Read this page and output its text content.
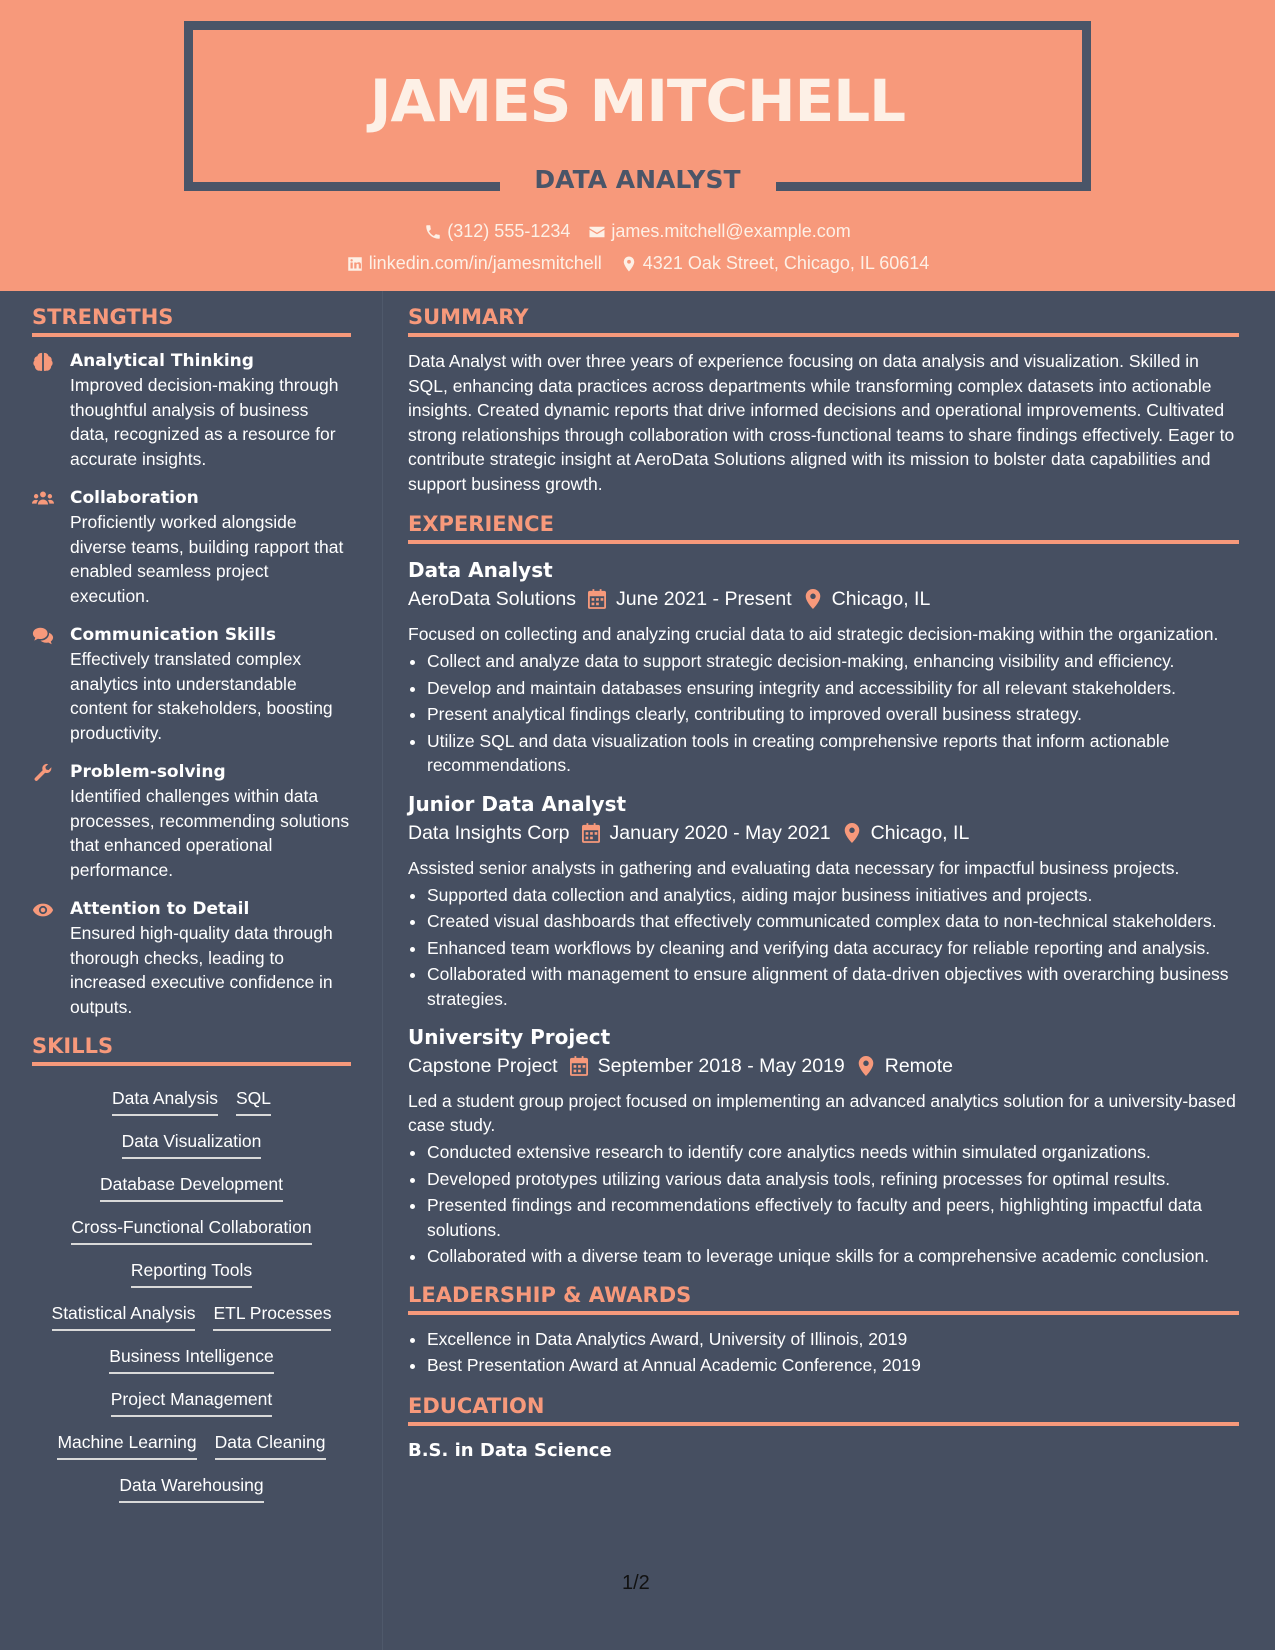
JAMES MITCHELL
DATA ANALYST
(312) 555-1234 james.mitchell@example.com
linkedin.com/in/jamesmitchell 4321 Oak Street, Chicago, IL 60614
STRENGTHS
Analytical Thinking
Improved decision-making through thoughtful analysis of business data, recognized as a resource for accurate insights.
Collaboration
Proficiently worked alongside diverse teams, building rapport that enabled seamless project execution.
Communication Skills
Effectively translated complex analytics into understandable content for stakeholders, boosting productivity.
Problem-solving
Identified challenges within data processes, recommending solutions that enhanced operational performance.
Attention to Detail
Ensured high-quality data through thorough checks, leading to increased executive confidence in outputs.
SKILLS
Data Analysis SQL
Data Visualization
Database Development
Cross-Functional Collaboration
Reporting Tools
Statistical Analysis ETL Processes
Business Intelligence
Project Management
Machine Learning Data Cleaning
Data Warehousing
SUMMARY
Data Analyst with over three years of experience focusing on data analysis and visualization. Skilled in SQL, enhancing data practices across departments while transforming complex datasets into actionable insights. Created dynamic reports that drive informed decisions and operational improvements. Cultivated strong relationships through collaboration with cross-functional teams to share findings effectively. Eager to contribute strategic insight at AeroData Solutions aligned with its mission to bolster data capabilities and support business growth.
EXPERIENCE
Data Analyst
AeroData Solutions June 2021 - Present Chicago, IL
Focused on collecting and analyzing crucial data to aid strategic decision-making within the organization.
• Collect and analyze data to support strategic decision-making, enhancing visibility and efficiency.
• Develop and maintain databases ensuring integrity and accessibility for all relevant stakeholders.
• Present analytical findings clearly, contributing to improved overall business strategy.
• Utilize SQL and data visualization tools in creating comprehensive reports that inform actionable recommendations.
Junior Data Analyst
Data Insights Corp January 2020 - May 2021 Chicago, IL
Assisted senior analysts in gathering and evaluating data necessary for impactful business projects.
• Supported data collection and analytics, aiding major business initiatives and projects.
• Created visual dashboards that effectively communicated complex data to non-technical stakeholders.
• Enhanced team workflows by cleaning and verifying data accuracy for reliable reporting and analysis.
• Collaborated with management to ensure alignment of data-driven objectives with overarching business strategies.
University Project
Capstone Project September 2018 - May 2019 Remote
Led a student group project focused on implementing an advanced analytics solution for a university-based case study.
• Conducted extensive research to identify core analytics needs within simulated organizations.
• Developed prototypes utilizing various data analysis tools, refining processes for optimal results.
• Presented findings and recommendations effectively to faculty and peers, highlighting impactful data solutions.
• Collaborated with a diverse team to leverage unique skills for a comprehensive academic conclusion.
LEADERSHIP & AWARDS
• Excellence in Data Analytics Award, University of Illinois, 2019
• Best Presentation Award at Annual Academic Conference, 2019
EDUCATION
B.S. in Data Science
1/2
